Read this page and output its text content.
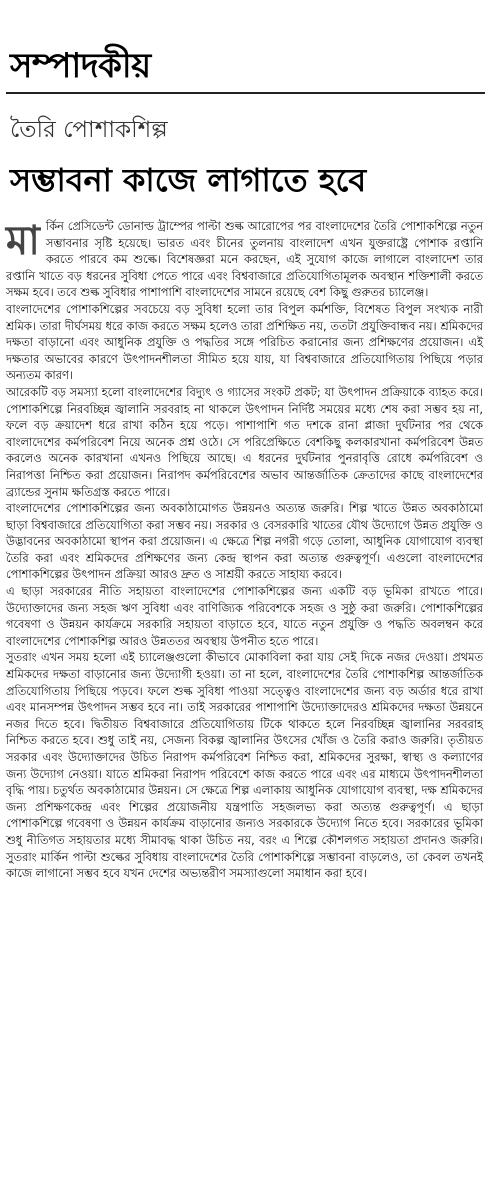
সম্পাদকীয়
তৈরি পোশাকশিল্প
সম্ভাবনা কাজে লাগাতে হবে

মার্কিন প্রেসিডেন্ট ডোনাল্ড ট্রাম্পের পাল্টা শুল্ক আরোপের পর বাংলাদেশের তৈরি পোশাকশিল্পে নতুন সম্ভাবনার সৃষ্টি হয়েছে। ভারত এবং চীনের তুলনায় বাংলাদেশ এখন যুক্তরাষ্ট্রে পোশাক রপ্তানি করতে পারবে কম শুল্কে। বিশেষজ্ঞরা মনে করছেন, এই সুযোগ কাজে লাগালে বাংলাদেশ তার রপ্তানি খাতে বড় ধরনের সুবিধা পেতে পারে এবং বিশ্ববাজারে প্রতিযোগিতামূলক অবস্থান শক্তিশালী করতে সক্ষম হবে। তবে শুল্ক সুবিধার পাশাপাশি বাংলাদেশের সামনে রয়েছে বেশ কিছু গুরুতর চ্যালেঞ্জ।

বাংলাদেশের পোশাকশিল্পের সবচেয়ে বড় সুবিধা হলো তার বিপুল কর্মশক্তি, বিশেষত বিপুল সংখ্যক নারী শ্রমিক। তারা দীর্ঘসময় ধরে কাজ করতে সক্ষম হলেও তারা প্রশিক্ষিত নয়, ততটা প্রযুক্তিবান্ধব নয়। শ্রমিকদের দক্ষতা বাড়ানো এবং আধুনিক প্রযুক্তি ও পদ্ধতির সঙ্গে পরিচিত করানোর জন্য প্রশিক্ষণের প্রয়োজন। এই দক্ষতার অভাবের কারণে উৎপাদনশীলতা সীমিত হয়ে যায়, যা বিশ্ববাজারে প্রতিযোগিতায় পিছিয়ে পড়ার অন্যতম কারণ।

আরেকটি বড় সমস্যা হলো বাংলাদেশের বিদ্যুৎ ও গ্যাসের সংকট প্রকট; যা উৎপাদন প্রক্রিয়াকে ব্যাহত করে। পোশাকশিল্পে নিরবচ্ছিন্ন জ্বালানি সরবরাহ না থাকলে উৎপাদন নির্দিষ্ট সময়ের মধ্যে শেষ করা সম্ভব হয় না, ফলে বড় ক্রয়াদেশ ধরে রাখা কঠিন হয়ে পড়ে। পাশাপাশি গত দশকে রানা প্লাজা দুর্ঘটনার পর থেকে বাংলাদেশের কর্মপরিবেশ নিয়ে অনেক প্রশ্ন ওঠে। সে পরিপ্রেক্ষিতে বেশকিছু কলকারখানা কর্মপরিবেশ উন্নত করলেও অনেক কারখানা এখনও পিছিয়ে আছে। এ ধরনের দুর্ঘটনার পুনরাবৃত্তি রোধে কর্মপরিবেশ ও নিরাপত্তা নিশ্চিত করা প্রয়োজন। নিরাপদ কর্মপরিবেশের অভাব আন্তর্জাতিক ক্রেতাদের কাছে বাংলাদেশের ব্র্যান্ডের সুনাম ক্ষতিগ্রস্ত করতে পারে।

বাংলাদেশের পোশাকশিল্পের জন্য অবকাঠামোগত উন্নয়নও অত্যন্ত জরুরি। শিল্প খাতে উন্নত অবকাঠামো ছাড়া বিশ্ববাজারে প্রতিযোগিতা করা সম্ভব নয়। সরকার ও বেসরকারি খাতের যৌথ উদ্যোগে উন্নত প্রযুক্তি ও উদ্ভাবনের অবকাঠামো স্থাপন করা প্রয়োজন। এ ক্ষেত্রে শিল্প নগরী গড়ে তোলা, আধুনিক যোগাযোগ ব্যবস্থা তৈরি করা এবং শ্রমিকদের প্রশিক্ষণের জন্য কেন্দ্র স্থাপন করা অত্যন্ত গুরুত্বপূর্ণ। এগুলো বাংলাদেশের পোশাকশিল্পের উৎপাদন প্রক্রিয়া আরও দ্রুত ও সাশ্রয়ী করতে সাহায্য করবে।

এ ছাড়া সরকারের নীতি সহায়তা বাংলাদেশের পোশাকশিল্পের জন্য একটি বড় ভূমিকা রাখতে পারে। উদ্যোক্তাদের জন্য সহজ ঋণ সুবিধা এবং বাণিজ্যিক পরিবেশকে সহজ ও সুষ্ঠু করা জরুরি। পোশাকশিল্পের গবেষণা ও উন্নয়ন কার্যক্রমে সরকারি সহায়তা বাড়াতে হবে, যাতে নতুন প্রযুক্তি ও পদ্ধতি অবলম্বন করে বাংলাদেশের পোশাকশিল্প আরও উন্নততর অবস্থায় উপনীত হতে পারে।

সুতরাং এখন সময় হলো এই চ্যালেঞ্জগুলো কীভাবে মোকাবিলা করা যায় সেই দিকে নজর দেওয়া। প্রথমত শ্রমিকদের দক্ষতা বাড়ানোর জন্য উদ্যোগী হওয়া। তা না হলে, বাংলাদেশের তৈরি পোশাকশিল্প আন্তর্জাতিক প্রতিযোগিতায় পিছিয়ে পড়বে। ফলে শুল্ক সুবিধা পাওয়া সত্ত্বেও বাংলাদেশের জন্য বড় অর্ডার ধরে রাখা এবং মানসম্পন্ন উৎপাদন সম্ভব হবে না। তাই সরকারের পাশাপাশি উদ্যোক্তাদেরও শ্রমিকদের দক্ষতা উন্নয়নে নজর দিতে হবে। দ্বিতীয়ত বিশ্ববাজারে প্রতিযোগিতায় টিকে থাকতে হলে নিরবচ্ছিন্ন জ্বালানির সরবরাহ নিশ্চিত করতে হবে। শুধু তাই নয়, সেজন্য বিকল্প জ্বালানির উৎসের খোঁজ ও তৈরি করাও জরুরি। তৃতীয়ত সরকার এবং উদ্যোক্তাদের উচিত নিরাপদ কর্মপরিবেশ নিশ্চিত করা, শ্রমিকদের সুরক্ষা, স্বাস্থ্য ও কল্যাণের জন্য উদ্যোগ নেওয়া। যাতে শ্রমিকরা নিরাপদ পরিবেশে কাজ করতে পারে এবং এর মাধ্যমে উৎপাদনশীলতা বৃদ্ধি পায়। চতুর্থত অবকাঠামোর উন্নয়ন। সে ক্ষেত্রে শিল্প এলাকায় আধুনিক যোগাযোগ ব্যবস্থা, দক্ষ শ্রমিকদের জন্য প্রশিক্ষণকেন্দ্র এবং শিল্পের প্রয়োজনীয় যন্ত্রপাতি সহজলভ্য করা অত্যন্ত গুরুত্বপূর্ণ। এ ছাড়া পোশাকশিল্পে গবেষণা ও উন্নয়ন কার্যক্রম বাড়ানোর জন্যও সরকারকে উদ্যোগ নিতে হবে। সরকারের ভূমিকা শুধু নীতিগত সহায়তার মধ্যে সীমাবদ্ধ থাকা উচিত নয়, বরং এ শিল্পে কৌশলগত সহায়তা প্রদানও জরুরি। সুতরাং মার্কিন পাল্টা শুল্কের সুবিধায় বাংলাদেশের তৈরি পোশাকশিল্পে সম্ভাবনা বাড়লেও, তা কেবল তখনই কাজে লাগানো সম্ভব হবে যখন দেশের অভ্যন্তরীণ সমস্যাগুলো সমাধান করা হবে।
